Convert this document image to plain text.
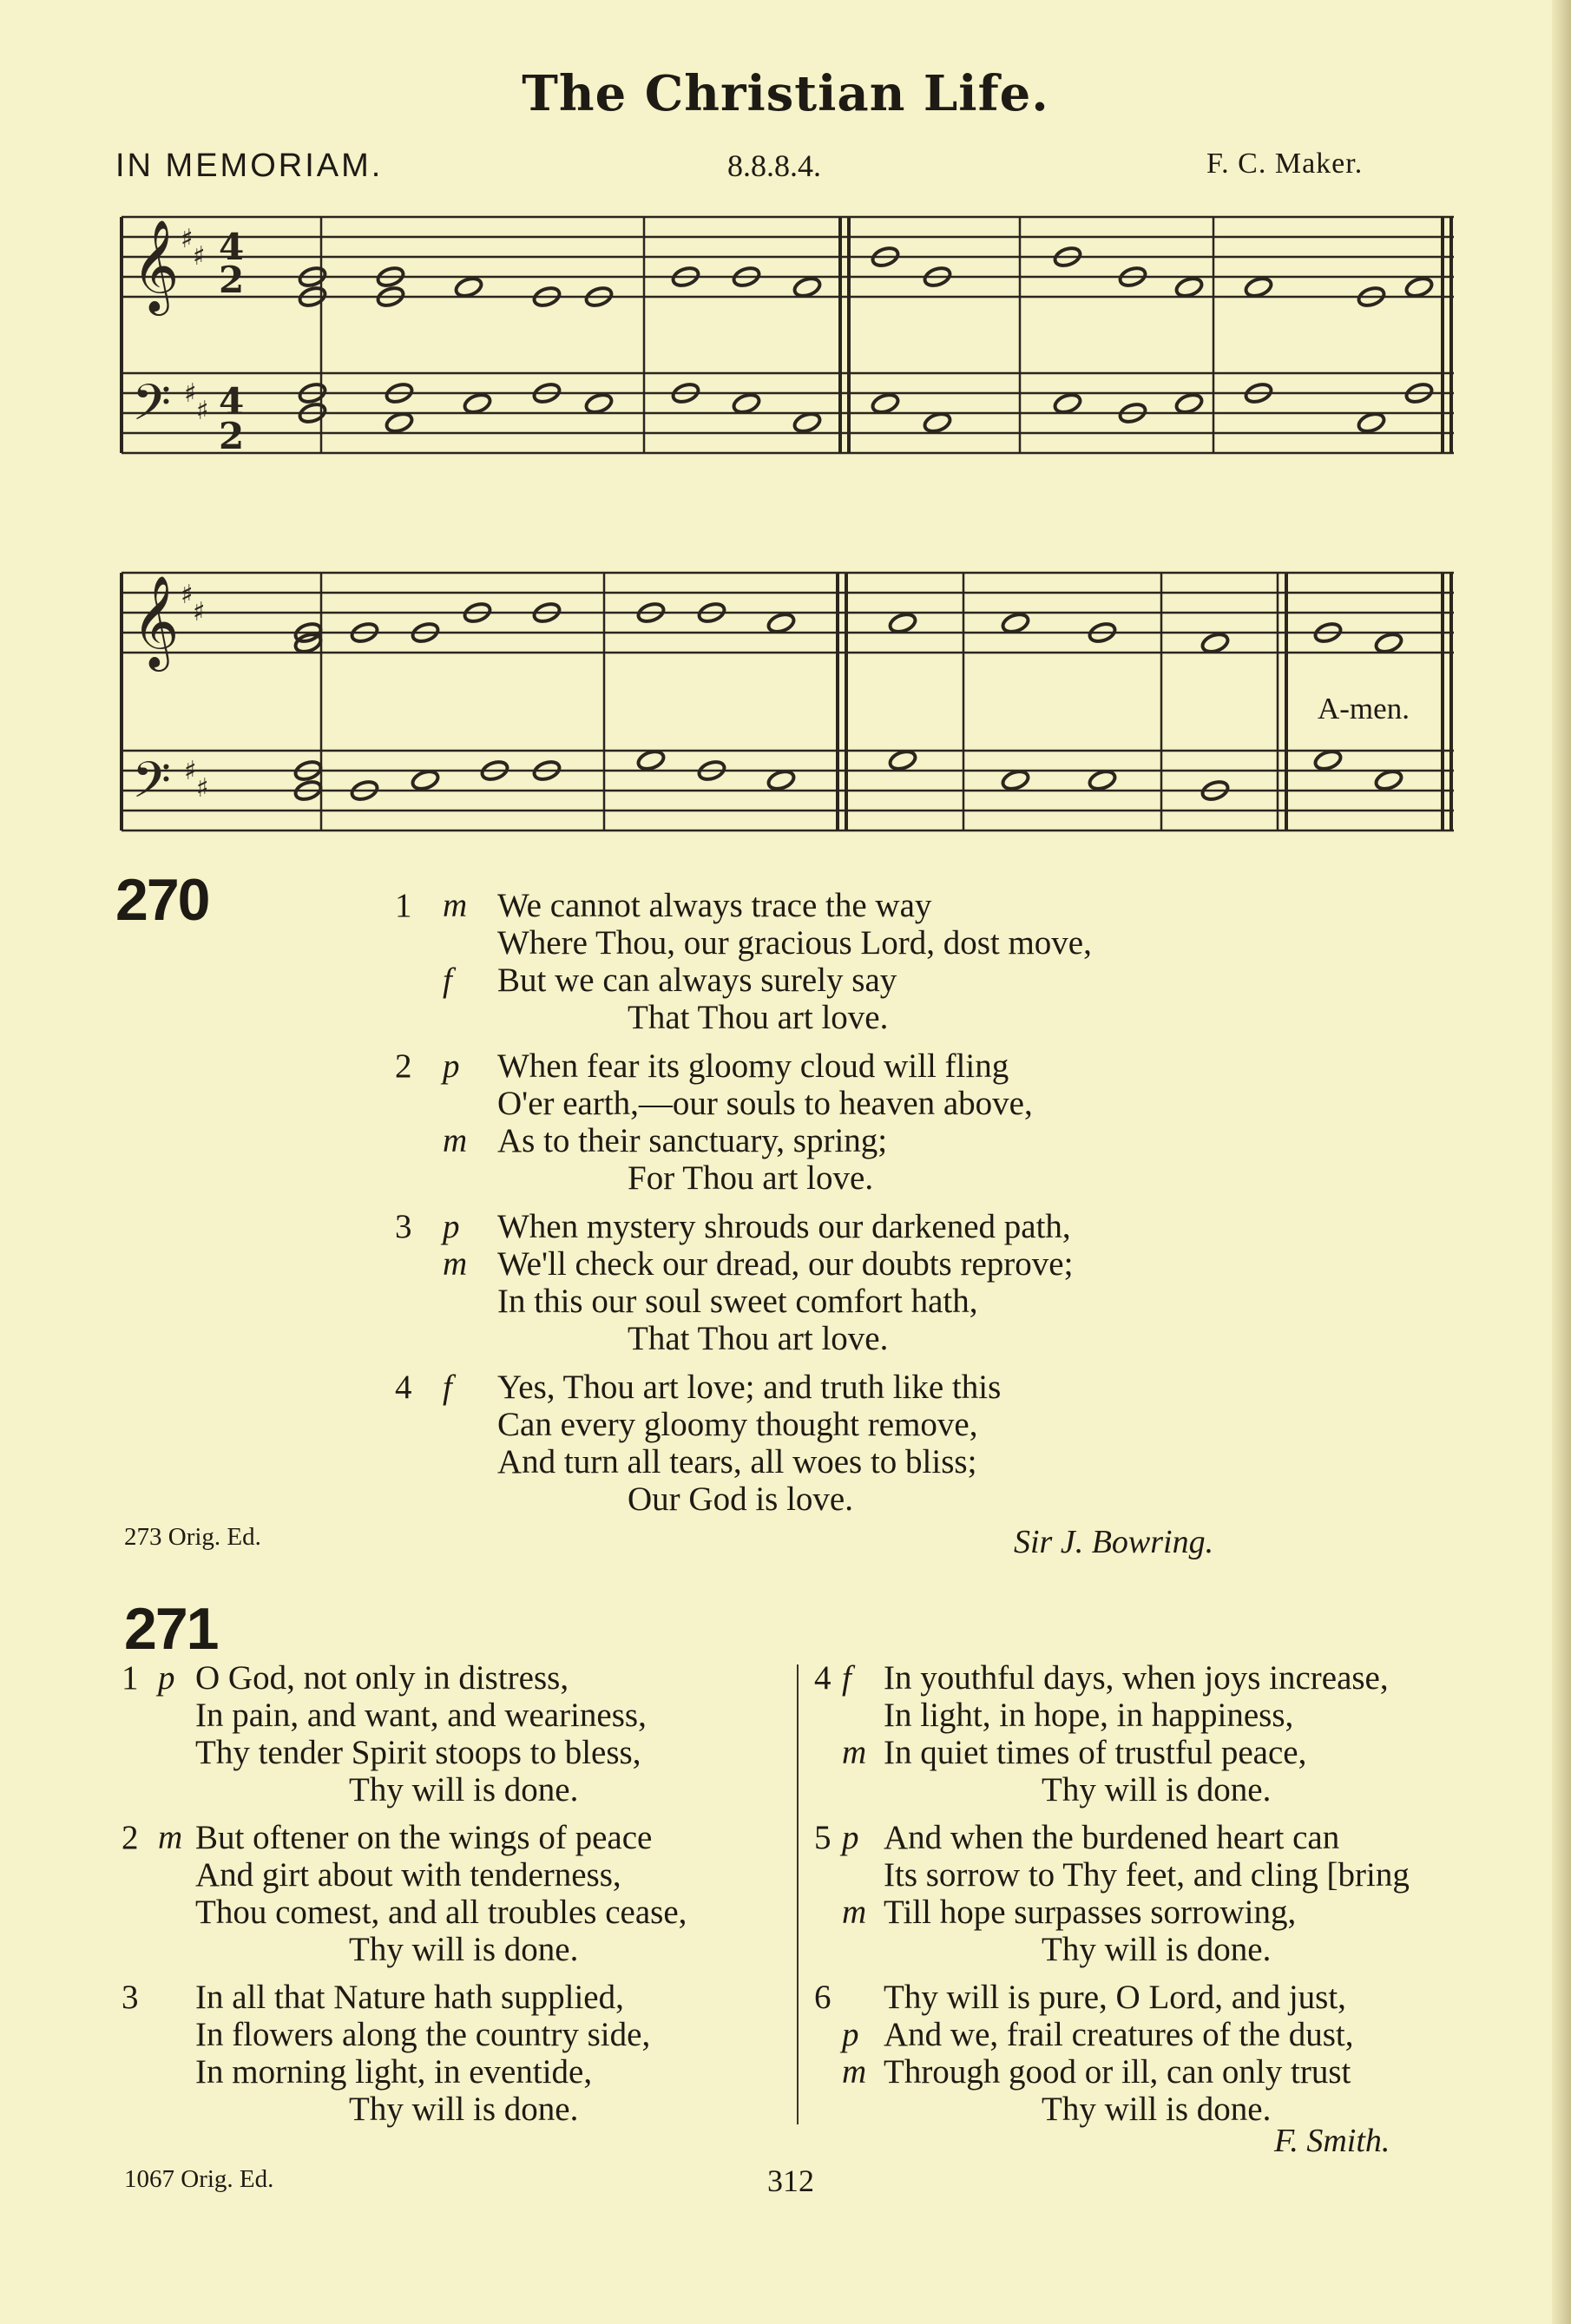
The Christian Life.
IN MEMORIAM.	8.8.8.4.	F. C. Maker.
𝄞 ♯
♯ 4
2
𝄢 ♯
♯ 4
2
𝄞 ♯
♯
𝄢 ♯
♯
A-men.
270	1 m We cannot always trace the way
Where Thou, our gracious Lord, dost move,
f But we can always surely say
That Thou art love.
2 p When fear its gloomy cloud will fling
O'er earth,—our souls to heaven above,
m As to their sanctuary, spring;
For Thou art love.
3 p When mystery shrouds our darkened path,
m We'll check our dread, our doubts reprove;
In this our soul sweet comfort hath,
That Thou art love.
4 f Yes, Thou art love; and truth like this
Can every gloomy thought remove,
And turn all tears, all woes to bliss;
Our God is love.
273 Orig. Ed.	Sir J. Bowring.
271
1 p O God, not only in distress,
In pain, and want, and weariness,
Thy tender Spirit stoops to bless,
Thy will is done.
2 m But oftener on the wings of peace
And girt about with tenderness,
Thou comest, and all troubles cease,
Thy will is done.
3 In all that Nature hath supplied,
In flowers along the country side,
In morning light, in eventide,
Thy will is done.
4 f In youthful days, when joys increase,
In light, in hope, in happiness,
m In quiet times of trustful peace,
Thy will is done.
5 p And when the burdened heart can
Its sorrow to Thy feet, and cling [bring
m Till hope surpasses sorrowing,
Thy will is done.
6 Thy will is pure, O Lord, and just,
p And we, frail creatures of the dust,
m Through good or ill, can only trust
Thy will is done.
F. Smith.
1067 Orig. Ed.	312
